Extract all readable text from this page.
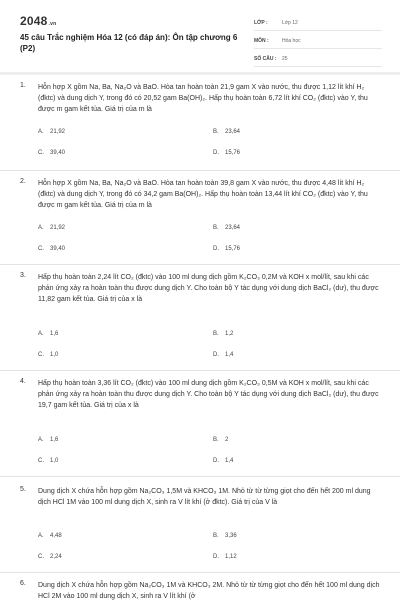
2048.vn
45 câu Trắc nghiệm Hóa 12 (có đáp án): Ôn tập chương 6 (P2)
LỚP :	Lớp 12
MÔN :	Hóa học
SỐ CÂU :	25
1. Hỗn hợp X gồm Na, Ba, Na₂O và BaO. Hòa tan hoàn toàn 21,9 gam X vào nước, thu được 1,12 lít khí H₂ (đktc) và dung dịch Y, trong đó có 20,52 gam Ba(OH)₂. Hấp thụ hoàn toàn 6,72 lít khí CO₂ (đktc) vào Y, thu được m gam kết tủa. Giá trị của m là

A. 21,92	B. 23,64
C. 39,40	D. 15,76
2. Hỗn hợp X gồm Na, Ba, Na₂O và BaO. Hòa tan hoàn toàn 39,8 gam X vào nước, thu được 4,48 lít khí H₂ (đktc) và dung dịch Y, trong đó có 34,2 gam Ba(OH)₂. Hấp thụ hoàn toàn 13,44 lít khí CO₂ (đktc) vào Y, thu được m gam kết tủa. Giá trị của m là

A. 21,92	B. 23,64
C. 39,40	D. 15,76
3. Hấp thụ hoàn toàn 2,24 lít CO₂ (đktc) vào 100 ml dung dịch gồm K₂CO₃ 0,2M và KOH x mol/lít, sau khi các phản ứng xảy ra hoàn toàn thu được dung dịch Y. Cho toàn bộ Y tác dụng với dung dịch BaCl₂ (dư), thu được 11,82 gam kết tủa. Giá trị của x là

A. 1,6	B. 1,2
C. 1,0	D. 1,4
4. Hấp thụ hoàn toàn 3,36 lít CO₂ (đktc) vào 100 ml dung dịch gồm K₂CO₃ 0,5M và KOH x mol/lít, sau khi các phản ứng xảy ra hoàn toàn thu được dung dịch Y. Cho toàn bộ Y tác dụng với dung dịch BaCl₂ (dư), thu được 19,7 gam kết tủa. Giá trị của x là

A. 1,6	B. 2
C. 1,0	D. 1,4
5. Dung dịch X chứa hỗn hợp gồm Na₂CO₃ 1,5M và KHCO₃ 1M. Nhỏ từ từ từng giọt cho đến hết 200 ml dung dịch HCl 1M vào 100 ml dung dịch X, sinh ra V lít khí (ở đktc). Giá trị của V là

A. 4,48	B. 3,36
C. 2,24	D. 1,12
6. Dung dịch X chứa hỗn hợp gồm Na₂CO₃ 1M và KHCO₃ 2M. Nhỏ từ từ từng giọt cho đến hết 100 ml dung dịch HCl 2M vào 100 ml dung dịch X, sinh ra V lít khí (ở
